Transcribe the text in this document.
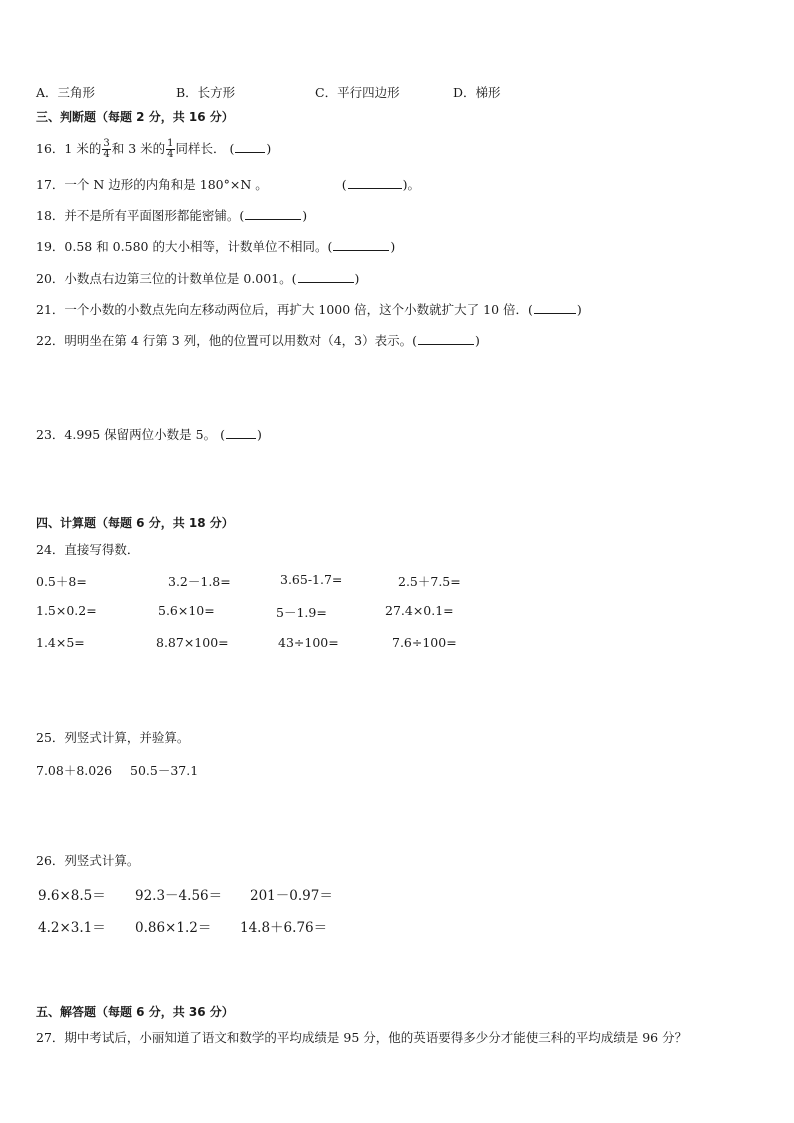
A．三角形	B．长方形	C．平行四边形	D．梯形
三、判断题（每题 2 分，共 16 分）
16．1 米的 $\frac{3}{4}$ 和 3 米的 $\frac{1}{4}$ 同样长． (	)
17．一个 N 边形的内角和是 180°×N 。	(	)。
18．并不是所有平面图形都能密铺。(	)
19．0.58 和 0.580 的大小相等，计数单位不相同。(	)
20．小数点右边第三位的计数单位是 0.001。(	)
21．一个小数的小数点先向左移动两位后，再扩大 1000 倍，这个小数就扩大了 10 倍．(	)
22．明明坐在第 4 行第 3 列，他的位置可以用数对（4，3）表示。(	)
23．4.995 保留两位小数是 5。 (	)
四、计算题（每题 6 分，共 18 分）
24．直接写得数．
0.5＋8=	3.2－1.8=	3.65-1.7=	2.5＋7.5=
1.5×0.2=	5.6×10=	5－1.9=	27.4×0.1=
1.4×5=	8.87×100=	43÷100=	7.6÷100=
25．列竖式计算，并验算。
7.08＋8.026 50.5－37.1
26．列竖式计算。
9.6×8.5＝ 92.3－4.56＝ 201－0.97＝
4.2×3.1＝ 0.86×1.2＝ 14.8＋6.76＝
五、解答题（每题 6 分，共 36 分）
27．期中考试后，小丽知道了语文和数学的平均成绩是 95 分，他的英语要得多少分才能使三科的平均成绩是 96 分？
